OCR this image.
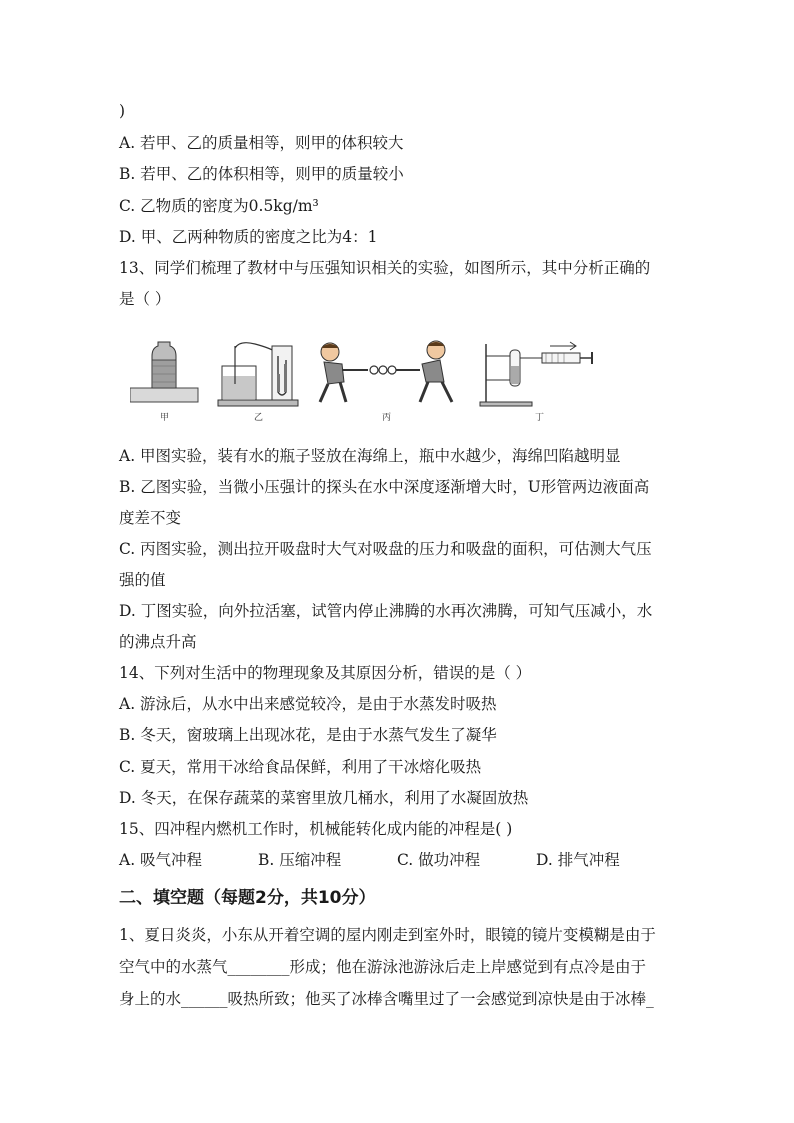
)
A. 若甲、乙的质量相等，则甲的体积较大
B. 若甲、乙的体积相等，则甲的质量较小
C. 乙物质的密度为0.5kg/m³
D. 甲、乙两种物质的密度之比为4：1
13、同学们梳理了教材中与压强知识相关的实验，如图所示，其中分析正确的
是（ ）
甲	乙	丙	丁
A. 甲图实验，装有水的瓶子竖放在海绵上，瓶中水越少，海绵凹陷越明显
B. 乙图实验，当微小压强计的探头在水中深度逐渐增大时，U形管两边液面高
度差不变
C. 丙图实验，测出拉开吸盘时大气对吸盘的压力和吸盘的面积，可估测大气压
强的值
D. 丁图实验，向外拉活塞，试管内停止沸腾的水再次沸腾，可知气压减小，水
的沸点升高
14、下列对生活中的物理现象及其原因分析，错误的是（ ）
A. 游泳后，从水中出来感觉较冷，是由于水蒸发时吸热
B. 冬天，窗玻璃上出现冰花，是由于水蒸气发生了凝华
C. 夏天，常用干冰给食品保鲜，利用了干冰熔化吸热
D. 冬天，在保存蔬菜的菜窖里放几桶水，利用了水凝固放热
15、四冲程内燃机工作时，机械能转化成内能的冲程是( )
A. 吸气冲程	B. 压缩冲程	C. 做功冲程	D. 排气冲程
二、填空题（每题2分，共10分）
1、夏日炎炎，小东从开着空调的屋内刚走到室外时，眼镜的镜片变模糊是由于
空气中的水蒸气________形成；他在游泳池游泳后走上岸感觉到有点冷是由于
身上的水______吸热所致；他买了冰棒含嘴里过了一会感觉到凉快是由于冰棒_
